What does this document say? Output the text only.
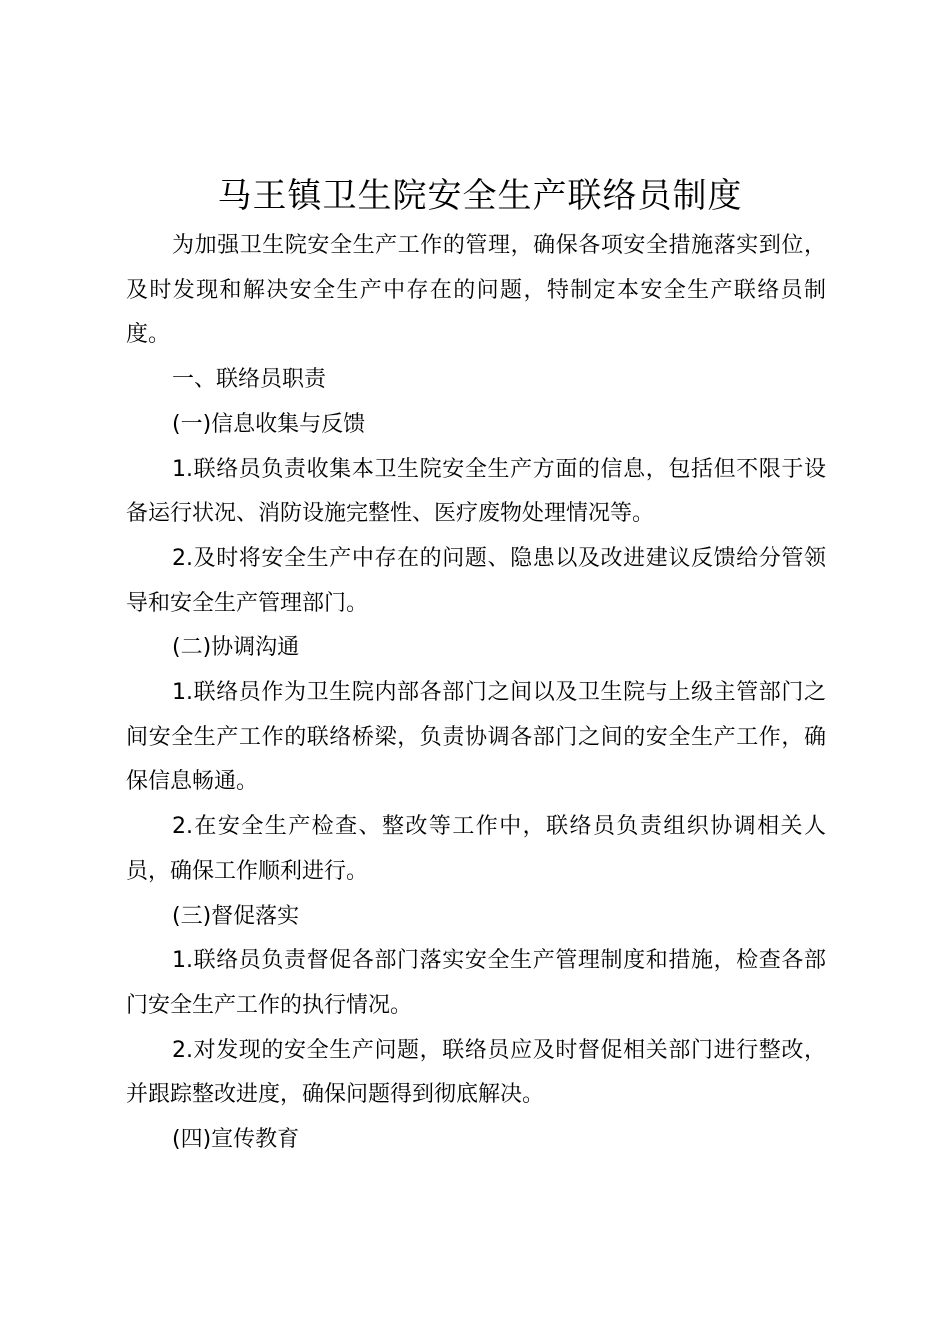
马王镇卫生院安全生产联络员制度

为加强卫生院安全生产工作的管理，确保各项安全措施落实到位，及时发现和解决安全生产中存在的问题，特制定本安全生产联络员制度。

一、联络员职责

(一)信息收集与反馈

1.联络员负责收集本卫生院安全生产方面的信息，包括但不限于设备运行状况、消防设施完整性、医疗废物处理情况等。

2.及时将安全生产中存在的问题、隐患以及改进建议反馈给分管领导和安全生产管理部门。

(二)协调沟通

1.联络员作为卫生院内部各部门之间以及卫生院与上级主管部门之间安全生产工作的联络桥梁，负责协调各部门之间的安全生产工作，确保信息畅通。

2.在安全生产检查、整改等工作中，联络员负责组织协调相关人员，确保工作顺利进行。

(三)督促落实

1.联络员负责督促各部门落实安全生产管理制度和措施，检查各部门安全生产工作的执行情况。

2.对发现的安全生产问题，联络员应及时督促相关部门进行整改，并跟踪整改进度，确保问题得到彻底解决。

(四)宣传教育
